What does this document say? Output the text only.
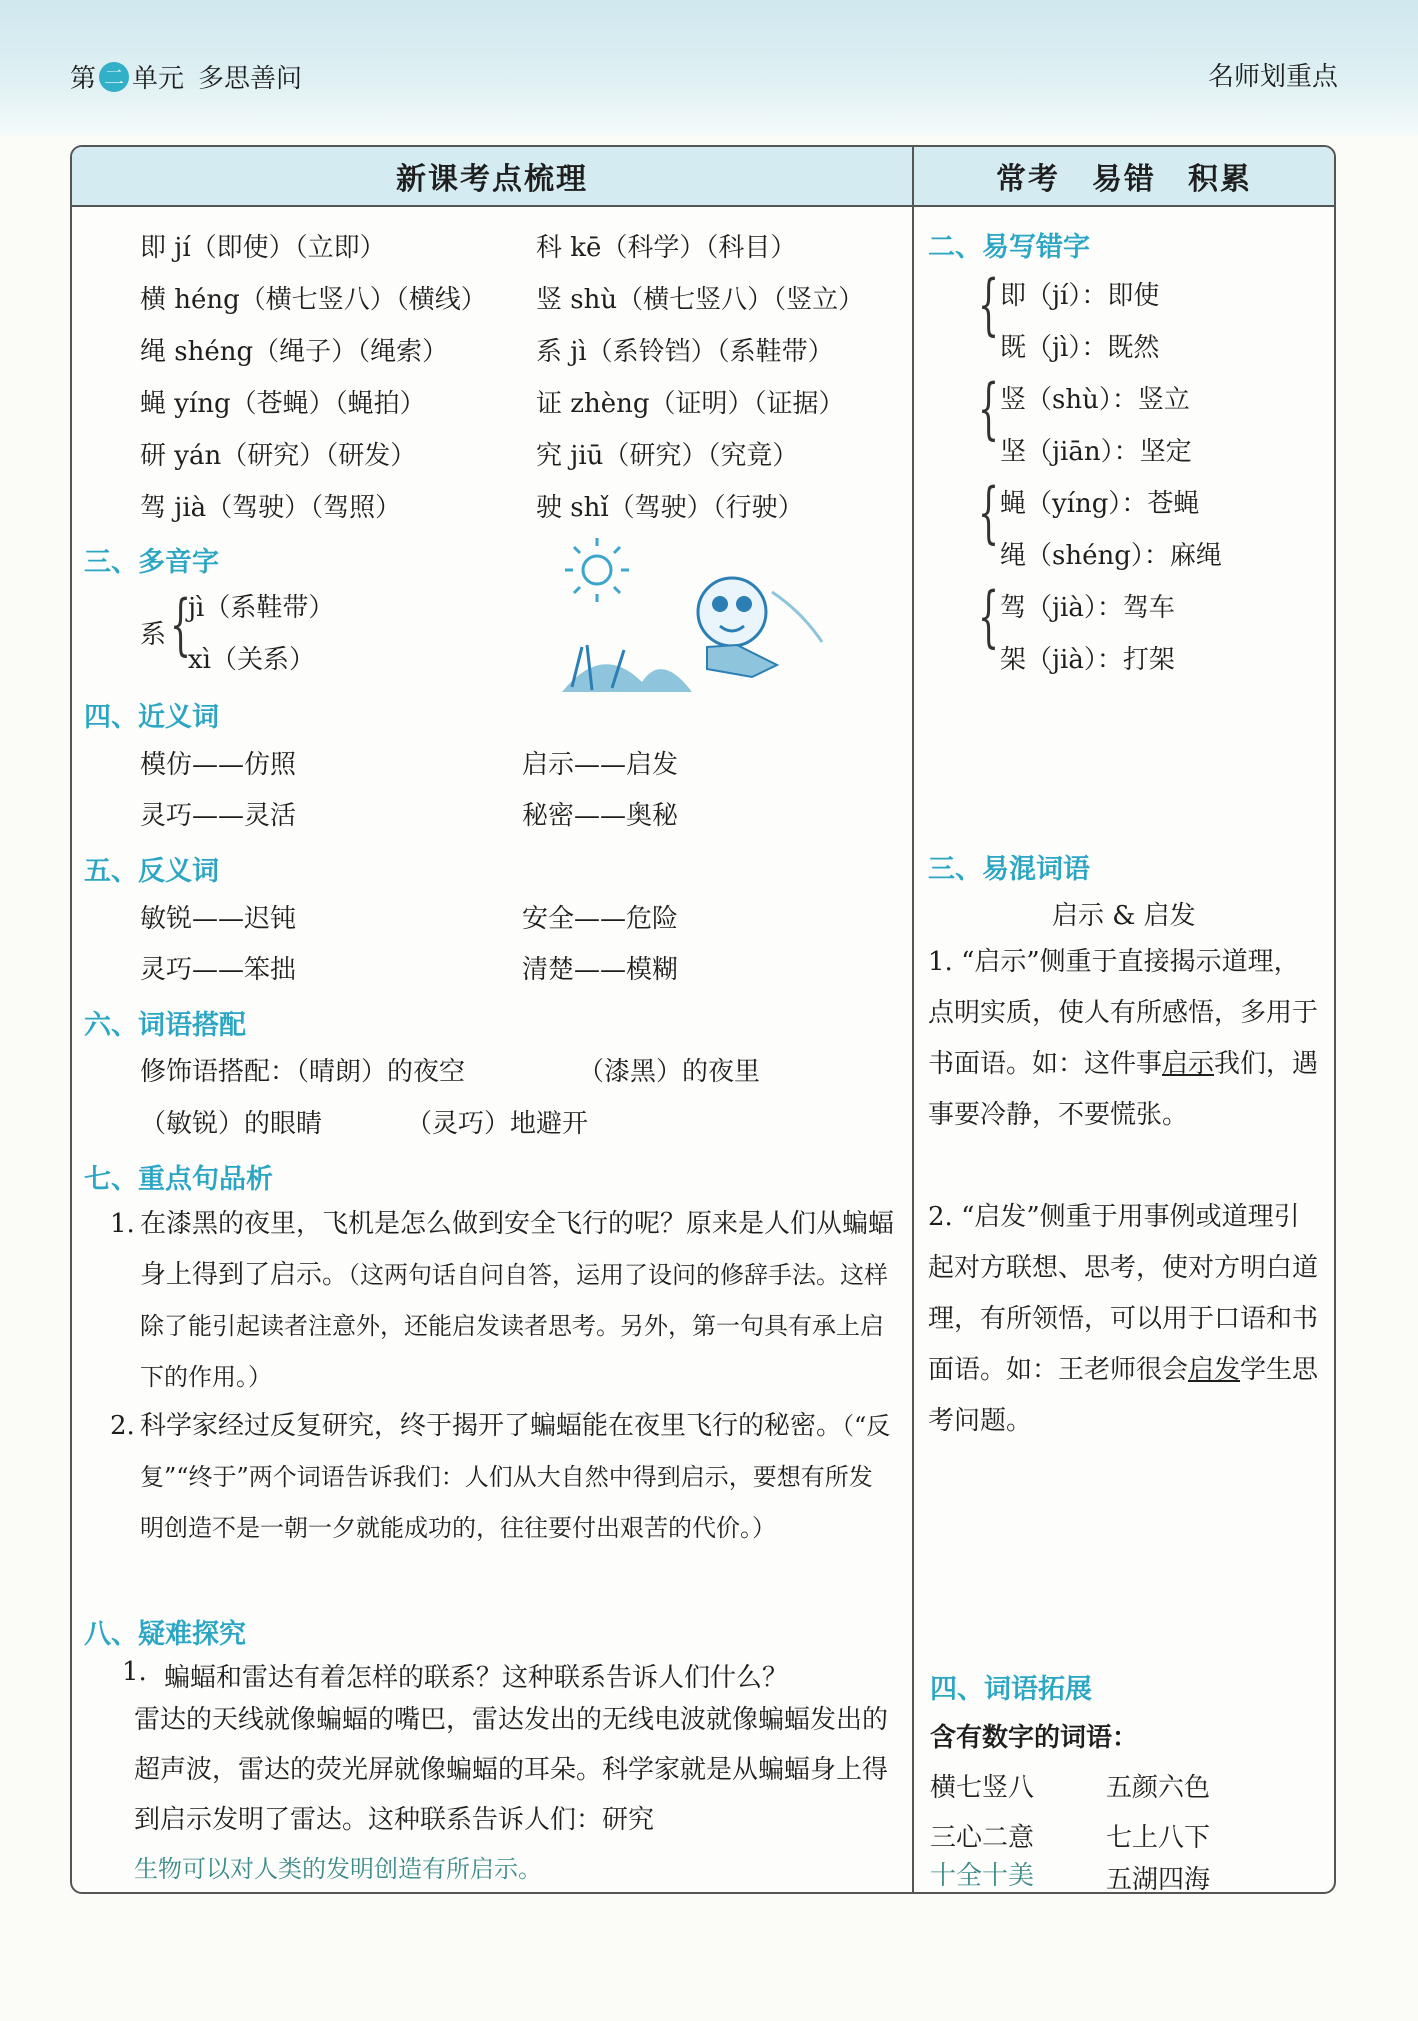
第 二 单元 多思善问	名师划重点
新课考点梳理	常考　易错　积累
即 jí（即使）（立即）	科 kē（科学）（科目）
横 héng（横七竖八）（横线） 竖 shù（横七竖八）（竖立）
绳 shéng（绳子）（绳索）	系 jì（系铃铛）（系鞋带）
蝇 yíng（苍蝇）（蝇拍）	证 zhèng（证明）（证据）
研 yán（研究）（研发）	究 jiū（研究）（究竟）
驾 jià（驾驶）（驾照）	驶 shǐ（驾驶）（行驶）
三、多音字
系 {
jì（系鞋带）
xì（关系）
四、近义词
模仿——仿照	启示——启发
灵巧——灵活	秘密——奥秘
五、反义词
敏锐——迟钝	安全——危险
灵巧——笨拙	清楚——模糊
六、词语搭配
修饰语搭配：（晴朗）的夜空	（漆黑）的夜里
（敏锐）的眼睛	（灵巧）地避开
七、重点句品析
1. 在漆黑的夜里，飞机是怎么做到安全飞行的呢？原来是人们从蝙蝠身上得到了启示。（这两句话自问自答，运用了设问的修辞手法。这样除了能引起读者注意外，还能启发读者思考。另外，第一句具有承上启下的作用。）
2. 科学家经过反复研究，终于揭开了蝙蝠能在夜里飞行的秘密。（“反复”“终于”两个词语告诉我们：人们从大自然中得到启示，要想有所发明创造不是一朝一夕就能成功的，往往要付出艰苦的代价。）
八、疑难探究
1. 蝙蝠和雷达有着怎样的联系？这种联系告诉人们什么？
雷达的天线就像蝙蝠的嘴巴，雷达发出的无线电波就像蝙蝠发出的超声波，雷达的荧光屏就像蝙蝠的耳朵。科学家就是从蝙蝠身上得到启示发明了雷达。这种联系告诉人们：研究
生物可以对人类的发明创造有所启示。
二、易写错字
{ 即（jí）：即使
既（jì）：既然
{ 竖（shù）：竖立
坚（jiān）：坚定
{ 蝇（yíng）：苍蝇
绳（shéng）：麻绳
{ 驾（jià）：驾车
架（jià）：打架
三、易混词语
启示 & 启发
1. “启示”侧重于直接揭示道理，点明实质，使人有所感悟，多用于书面语。如：这件事启示我们，遇事要冷静，不要慌张。
2. “启发”侧重于用事例或道理引起对方联想、思考，使对方明白道理，有所领悟，可以用于口语和书面语。如：王老师很会启发学生思考问题。
四、词语拓展
含有数字的词语：
横七竖八	五颜六色
三心二意	七上八下
十全十美	五湖四海
